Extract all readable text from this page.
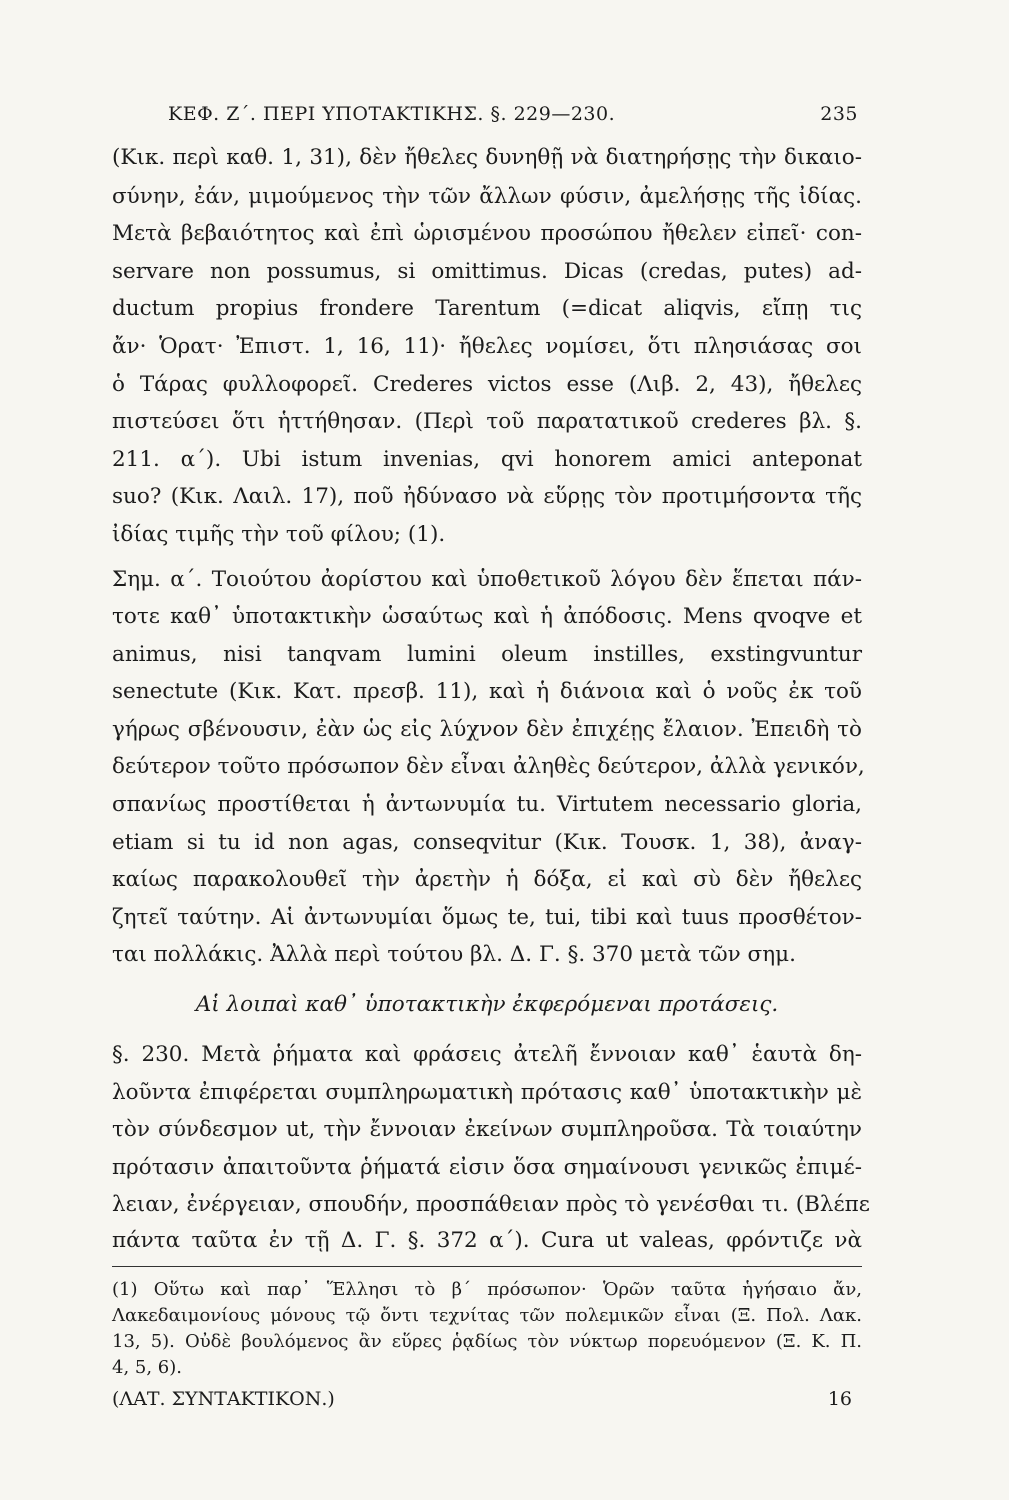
ΚΕΦ. Ζ΄. ΠΕΡΙ ΥΠΟΤΑΚΤΙΚΗΣ. §. 229—230.	235
(Κικ. περὶ καθ. 1, 31), δὲν ἤθελες δυνηθῇ νὰ διατηρήσῃς τὴν δικαιο-
σύνην, ἐάν, μιμούμενος τὴν τῶν ἄλλων φύσιν, ἀμελήσῃς τῆς ἰδίας.
Μετὰ βεβαιότητος καὶ ἐπὶ ὡρισμένου προσώπου ἤθελεν εἰπεῖ· con-
servare non possumus, si omittimus. Dicas (credas, putes) ad-
ductum propius frondere Tarentum (=dicat aliqvis, εἴπῃ τις
ἄν· Ὁρατ· Ἐπιστ. 1, 16, 11)· ἤθελες νομίσει, ὅτι πλησιάσας σοι
ὁ Τάρας φυλλοφορεῖ. Crederes victos esse (Λιβ. 2, 43), ἤθελες
πιστεύσει ὅτι ἡττήθησαν. (Περὶ τοῦ παρατατικοῦ crederes βλ. §.
211. α΄). Ubi istum invenias, qvi honorem amici anteponat
suo? (Κικ. Λαιλ. 17), ποῦ ἠδύνασο νὰ εὕρῃς τὸν προτιμήσοντα τῆς
ἰδίας τιμῆς τὴν τοῦ φίλου; (1).
Σημ. α΄. Τοιούτου ἀορίστου καὶ ὑποθετικοῦ λόγου δὲν ἕπεται πάν-
τοτε καθ᾽ ὑποτακτικὴν ὡσαύτως καὶ ἡ ἀπόδοσις. Mens qvoqve et
animus, nisi tanqvam lumini oleum instilles, exstingvuntur
senectute (Κικ. Κατ. πρεσβ. 11), καὶ ἡ διάνοια καὶ ὁ νοῦς ἐκ τοῦ
γήρως σβένουσιν, ἐὰν ὡς εἰς λύχνον δὲν ἐπιχέῃς ἔλαιον. Ἐπειδὴ τὸ
δεύτερον τοῦτο πρόσωπον δὲν εἶναι ἀληθὲς δεύτερον, ἀλλὰ γενικόν,
σπανίως προστίθεται ἡ ἀντωνυμία tu. Virtutem necessario gloria,
etiam si tu id non agas, conseqvitur (Κικ. Τουσκ. 1, 38), ἀναγ-
καίως παρακολουθεῖ τὴν ἀρετὴν ἡ δόξα, εἰ καὶ σὺ δὲν ἤθελες
ζητεῖ ταύτην. Αἱ ἀντωνυμίαι ὅμως te, tui, tibi καὶ tuus προσθέτον-
ται πολλάκις. Ἀλλὰ περὶ τούτου βλ. Δ. Γ. §. 370 μετὰ τῶν σημ.
Αἱ λοιπαὶ καθ᾽ ὑποτακτικὴν ἐκφερόμεναι προτάσεις.
§. 230. Μετὰ ῥήματα καὶ φράσεις ἀτελῆ ἔννοιαν καθ᾽ ἑαυτὰ δη-
λοῦντα ἐπιφέρεται συμπληρωματικὴ πρότασις καθ᾽ ὑποτακτικὴν μὲ
τὸν σύνδεσμον ut, τὴν ἔννοιαν ἐκείνων συμπληροῦσα. Τὰ τοιαύτην
πρότασιν ἀπαιτοῦντα ῥήματά εἰσιν ὅσα σημαίνουσι γενικῶς ἐπιμέ-
λειαν, ἐνέργειαν, σπουδήν, προσπάθειαν πρὸς τὸ γενέσθαι τι. (Βλέπε
(1) Οὕτω καὶ παρ᾽ Ἕλλησι τὸ β΄ πρόσωπον· Ὁρῶν ταῦτα ἡγήσαιο ἄν,
Λακεδαιμονίους μόνους τῷ ὄντι τεχνίτας τῶν πολεμικῶν εἶναι (Ξ. Πολ. Λακ.
13, 5). Οὐδὲ βουλόμενος ἂν εὕρες ῥᾳδίως τὸν νύκτωρ πορευόμενον (Ξ. Κ. Π.
4, 5, 6).
(ΛΑΤ. ΣΥΝΤΑΚΤΙΚΟΝ.)	16
πάντα ταῦτα ἐν τῇ Δ. Γ. §. 372 α΄). Cura ut valeas, φρόντιζε νὰ
